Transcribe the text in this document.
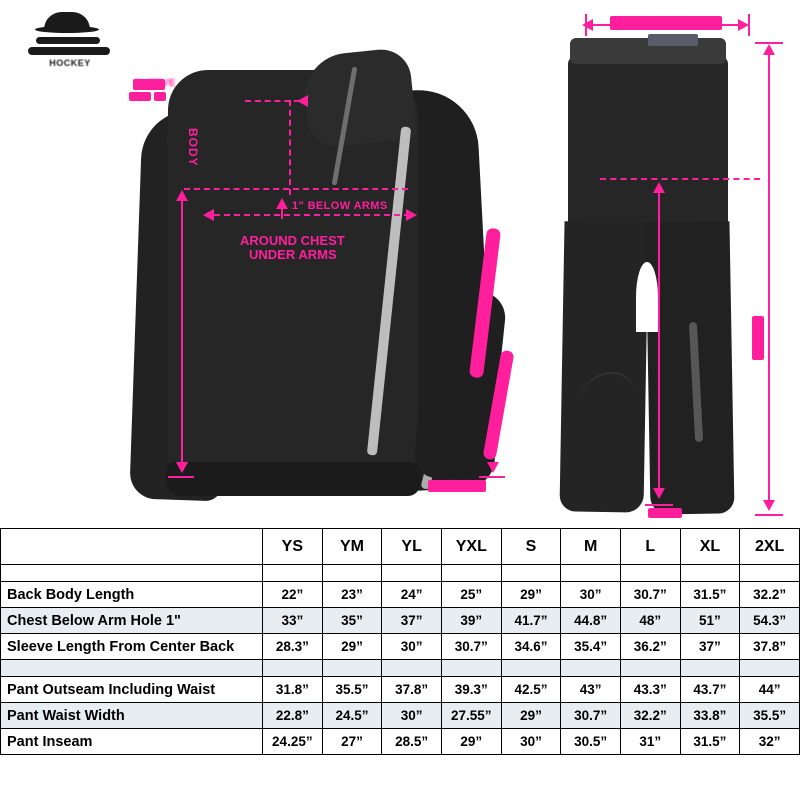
HOCKEY
SLEEVE
BODY
1" BELOW ARMS
AROUND CHEST
UNDER ARMS
SLEEVE
WAIST WIDTH
	YS	YM	YL	YXL	S	M	L	XL	2XL

Back Body Length	22”	23”	24”	25”	29”	30”	30.7”	31.5”	32.2”
Chest Below Arm Hole 1"	33”	35”	37”	39”	41.7”	44.8”	48”	51”	54.3”
Sleeve Length From Center Back	28.3”	29”	30”	30.7”	34.6”	35.4”	36.2”	37”	37.8”

Pant Outseam Including Waist	31.8”	35.5”	37.8”	39.3”	42.5”	43”	43.3”	43.7”	44”
Pant Waist Width	22.8”	24.5”	30”	27.55”	29”	30.7”	32.2”	33.8”	35.5”
Pant Inseam	24.25”	27”	28.5”	29”	30”	30.5”	31”	31.5”	32”
